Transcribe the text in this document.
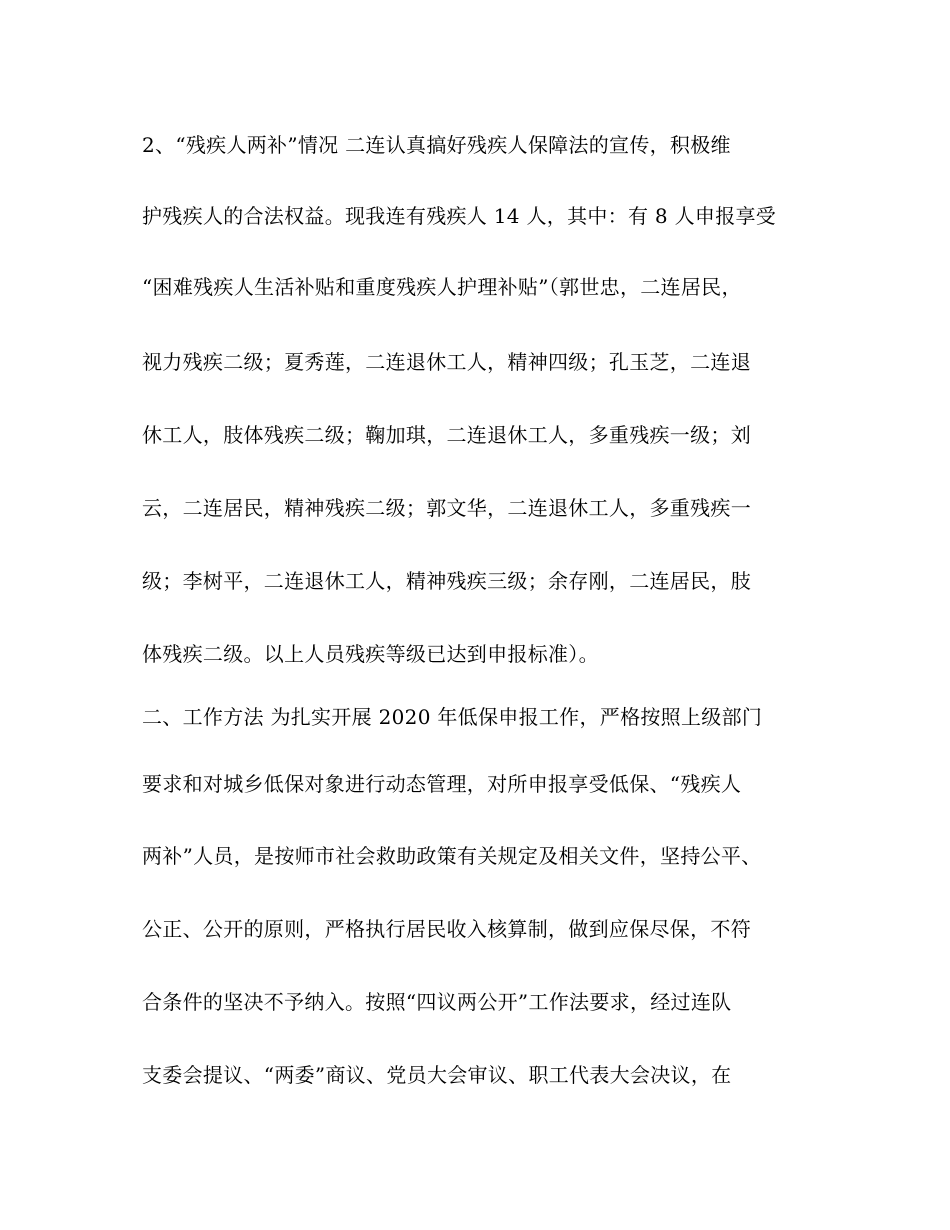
2、“残疾人两补”情况 二连认真搞好残疾人保障法的宣传，积极维

护残疾人的合法权益。现我连有残疾人 14 人，其中：有 8 人申报享受

“困难残疾人生活补贴和重度残疾人护理补贴”（郭世忠，二连居民，

视力残疾二级；夏秀莲，二连退休工人，精神四级；孔玉芝，二连退

休工人，肢体残疾二级；鞠加琪，二连退休工人，多重残疾一级；刘

云，二连居民，精神残疾二级；郭文华，二连退休工人，多重残疾一

级；李树平，二连退休工人，精神残疾三级；余存刚，二连居民，肢

体残疾二级。以上人员残疾等级已达到申报标准）。

二、工作方法 为扎实开展 2020 年低保申报工作，严格按照上级部门

要求和对城乡低保对象进行动态管理，对所申报享受低保、“残疾人

两补”人员，是按师市社会救助政策有关规定及相关文件，坚持公平、

公正、公开的原则，严格执行居民收入核算制，做到应保尽保，不符

合条件的坚决不予纳入。按照“四议两公开”工作法要求，经过连队

支委会提议、“两委”商议、党员大会审议、职工代表大会决议，在
